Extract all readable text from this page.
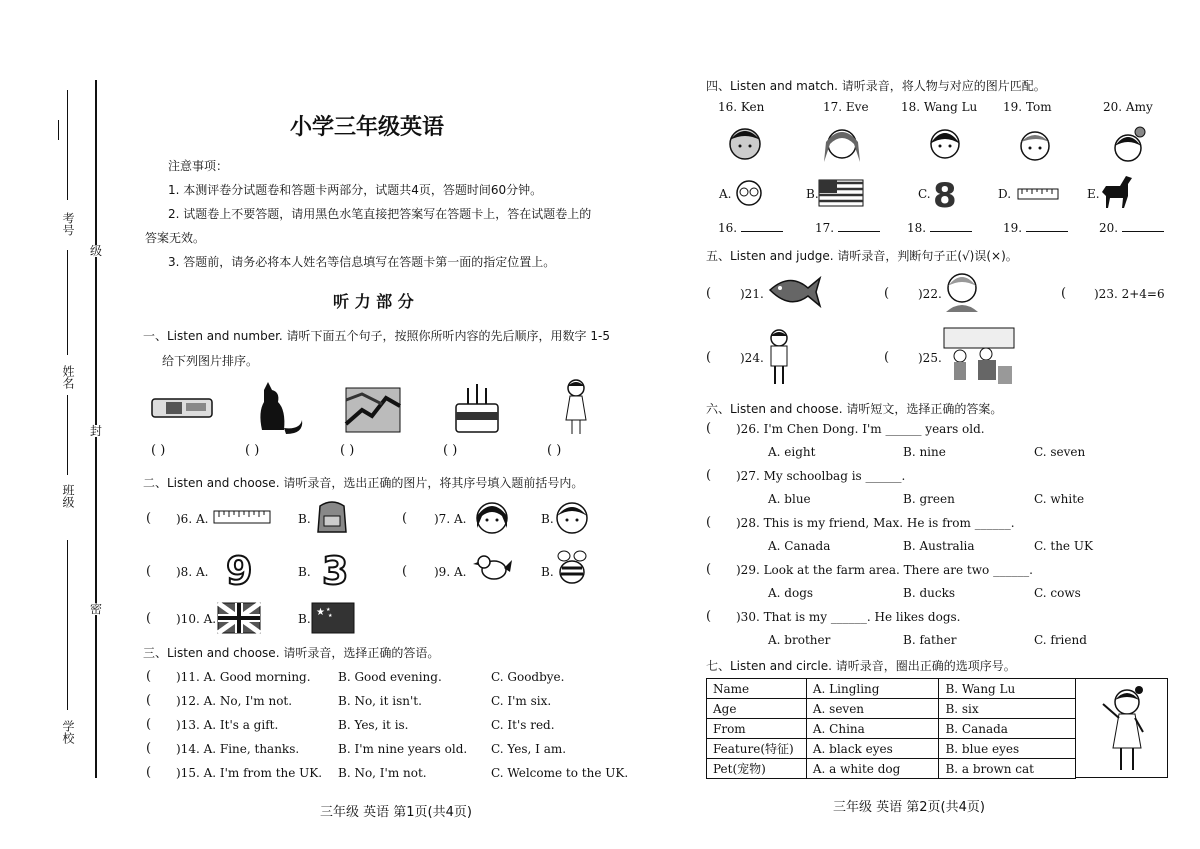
考号
姓名
班级
学校
级
封
密
小学三年级英语
注意事项：
1. 本测评卷分试题卷和答题卡两部分，试题共4页，答题时间60分钟。
2. 试题卷上不要答题，请用黑色水笔直接把答案写在答题卡上，答在试题卷上的
答案无效。
3. 答题前，请务必将本人姓名等信息填写在答题卡第一面的指定位置上。
听 力 部 分
一、Listen and number. 请听下面五个句子，按照你所听内容的先后顺序，用数字 1-5
给下列图片排序。
( )	( )	( )	( )	( )
二、Listen and choose. 请听录音，选出正确的图片，将其序号填入题前括号内。
( )6. A.	B.	( )7. A.	B.
( )8. A. 9	B. 3	( )9. A.	B.
( )10. A.	B. ★ ★
★
三、Listen and choose. 请听录音，选择正确的答语。
( )11. A. Good morning. B. Good evening.	C. Goodbye.
( )12. A. No, I'm not.	B. No, it isn't.	C. I'm six.
( )13. A. It's a gift.	B. Yes, it is.	C. It's red.
( )14. A. Fine, thanks.	B. I'm nine years old. C. Yes, I am.
( )15. A. I'm from the UK. B. No, I'm not.	C. Welcome to the UK.
三年级 英语 第1页(共4页)
四、Listen and match. 请听录音，将人物与对应的图片匹配。
16. Ken	17. Eve	18. Wang Lu 19. Tom	20. Amy
A.	B.	C. 8	D.	E.
16.	17.	18.	19.	20.
五、Listen and judge. 请听录音，判断句子正(√)误(×)。
( )21.	( )22.	( )23. 2+4=6
( )24.	( )25.
六、Listen and choose. 请听短文，选择正确的答案。
( )26. I'm Chen Dong. I'm ______ years old.
A. eight	B. nine	C. seven
( )27. My schoolbag is ______.
A. blue	B. green	C. white
( )28. This is my friend, Max. He is from ______.
A. Canada	B. Australia	C. the UK
( )29. Look at the farm area. There are two ______.
A. dogs	B. ducks	C. cows
( )30. That is my ______. He likes dogs.
A. brother	B. father	C. friend
七、Listen and circle. 请听录音，圈出正确的选项序号。
Name	A. Lingling	B. Wang Lu
Age	A. seven	B. six
From	A. China	B. Canada
Feature(特征)	A. black eyes	B. blue eyes
Pet(宠物)	A. a white dog	B. a brown cat
三年级 英语 第2页(共4页)
